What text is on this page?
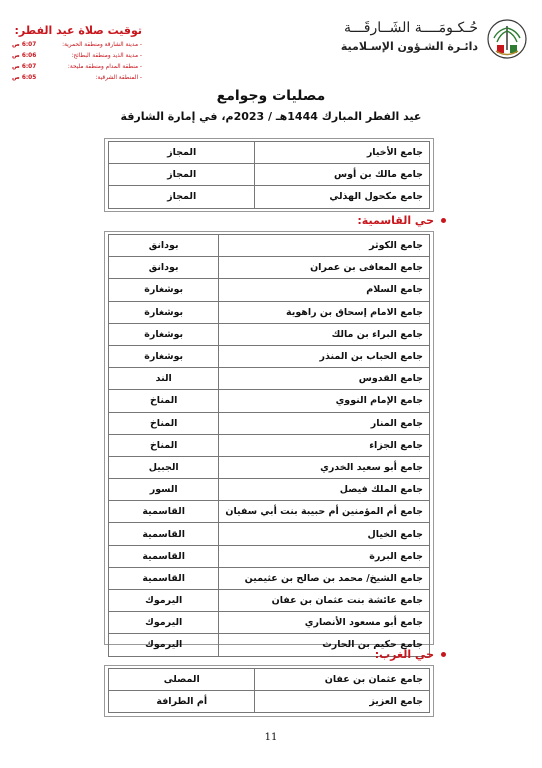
توقيت صلاة عيد الفطر:
- مدينة الشارقة ومنطقة الحمرية:
6:07 ص
- مدينة الذيد ومنطقة البطائح:
6:06 ص
- منطقة المدام ومنطقة مليحة:
6:07 ص
- المنطقة الشرقية:
6:05 ص
حُـكـومَــــة الشَــارقَـــة
دائـرة الشـؤون الإسـلامية
مصليات وجوامع
عيد الفطر المبارك 1444هـ / 2023م، في إمارة الشارقة
جامع الأخيار	المجاز
جامع مالك بن أوس	المجاز
جامع مكحول الهذلي	المجاز
حي القاسمية:
جامع الكوثر	بودانق
جامع المعافى بن عمران	بودانق
جامع السلام	بوشغارة
جامع الامام إسحاق بن راهوية	بوشغارة
جامع البراء بن مالك	بوشغارة
جامع الحباب بن المنذر	بوشغارة
جامع القدوس	الند
جامع الإمام النووي	المناخ
جامع المنار	المناخ
جامع الجزاء	المناخ
جامع أبو سعيد الخدري	الجبيل
جامع الملك فيصل	السور
جامع أم المؤمنين أم حبيبة بنت أبي سفيان	القاسمية
جامع الخيال	القاسمية
جامع البررة	القاسمية
جامع الشيخ/ محمد بن صالح بن عثيمين	القاسمية
جامع عائشة بنت عثمان بن عفان	اليرموك
جامع أبو مسعود الأنصاري	اليرموك
جامع حكيم بن الحارث	اليرموك
حي الغرب:
جامع عثمان بن عفان	المصلى
جامع العزيز	أم الطرافة
11
